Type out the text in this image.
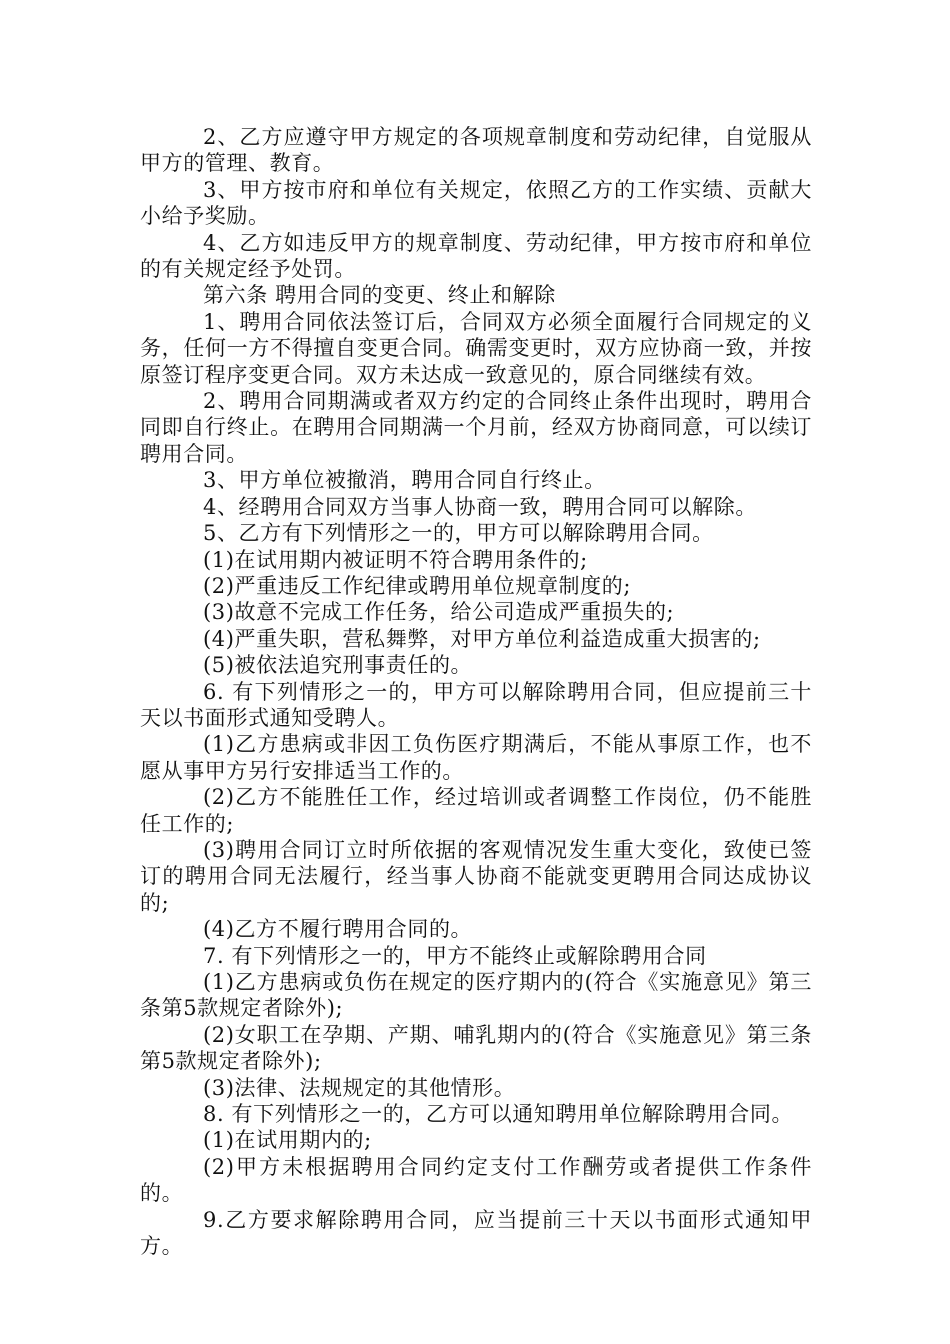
2、乙方应遵守甲方规定的各项规章制度和劳动纪律，自觉服从甲方的管理、教育。

3、甲方按市府和单位有关规定，依照乙方的工作实绩、贡献大小给予奖励。

4、乙方如违反甲方的规章制度、劳动纪律，甲方按市府和单位的有关规定经予处罚。

第六条 聘用合同的变更、终止和解除

1、聘用合同依法签订后，合同双方必须全面履行合同规定的义务，任何一方不得擅自变更合同。确需变更时，双方应协商一致，并按原签订程序变更合同。双方未达成一致意见的，原合同继续有效。

2、聘用合同期满或者双方约定的合同终止条件出现时，聘用合同即自行终止。在聘用合同期满一个月前，经双方协商同意，可以续订聘用合同。

3、甲方单位被撤消，聘用合同自行终止。

4、经聘用合同双方当事人协商一致，聘用合同可以解除。

5、乙方有下列情形之一的，甲方可以解除聘用合同。

(1)在试用期内被证明不符合聘用条件的;

(2)严重违反工作纪律或聘用单位规章制度的;

(3)故意不完成工作任务，给公司造成严重损失的;

(4)严重失职，营私舞弊，对甲方单位利益造成重大损害的;

(5)被依法追究刑事责任的。

6. 有下列情形之一的，甲方可以解除聘用合同，但应提前三十天以书面形式通知受聘人。

(1)乙方患病或非因工负伤医疗期满后，不能从事原工作，也不愿从事甲方另行安排适当工作的。

(2)乙方不能胜任工作，经过培训或者调整工作岗位，仍不能胜任工作的;

(3)聘用合同订立时所依据的客观情况发生重大变化，致使已签订的聘用合同无法履行，经当事人协商不能就变更聘用合同达成协议的;

(4)乙方不履行聘用合同的。

7. 有下列情形之一的，甲方不能终止或解除聘用合同

(1)乙方患病或负伤在规定的医疗期内的(符合《实施意见》第三条第5款规定者除外);

(2)女职工在孕期、产期、哺乳期内的(符合《实施意见》第三条第5款规定者除外);

(3)法律、法规规定的其他情形。

8. 有下列情形之一的，乙方可以通知聘用单位解除聘用合同。

(1)在试用期内的;

(2)甲方未根据聘用合同约定支付工作酬劳或者提供工作条件的。

9.乙方要求解除聘用合同，应当提前三十天以书面形式通知甲方。
